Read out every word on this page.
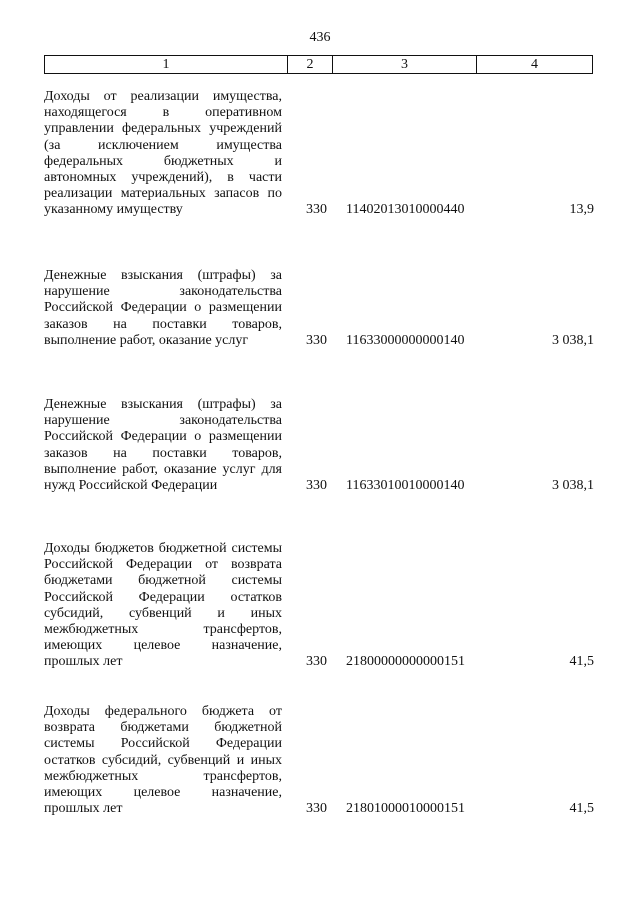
436
1	2	3	4
Доходы от реализации имущества, находящегося в оперативном управлении федеральных учреждений (за исключением имущества федеральных бюджетных и автономных учреждений), в части реализации материальных запасов по указанному имуществу	330 11402013010000440	13,9
Денежные взыскания (штрафы) за нарушение законодательства Российской Федерации о размещении заказов на поставки товаров, выполнение работ, оказание услуг	330 11633000000000140	3 038,1
Денежные взыскания (штрафы) за нарушение законодательства Российской Федерации о размещении заказов на поставки товаров, выполнение работ, оказание услуг для нужд Российской Федерации	330 11633010010000140	3 038,1
Доходы бюджетов бюджетной системы Российской Федерации от возврата бюджетами бюджетной системы Российской Федерации остатков субсидий, субвенций и иных межбюджетных трансфертов, имеющих целевое назначение, прошлых лет	330 21800000000000151	41,5
Доходы федерального бюджета от возврата бюджетами бюджетной системы Российской Федерации остатков субсидий, субвенций и иных межбюджетных трансфертов, имеющих целевое назначение, прошлых лет	330 21801000010000151	41,5
